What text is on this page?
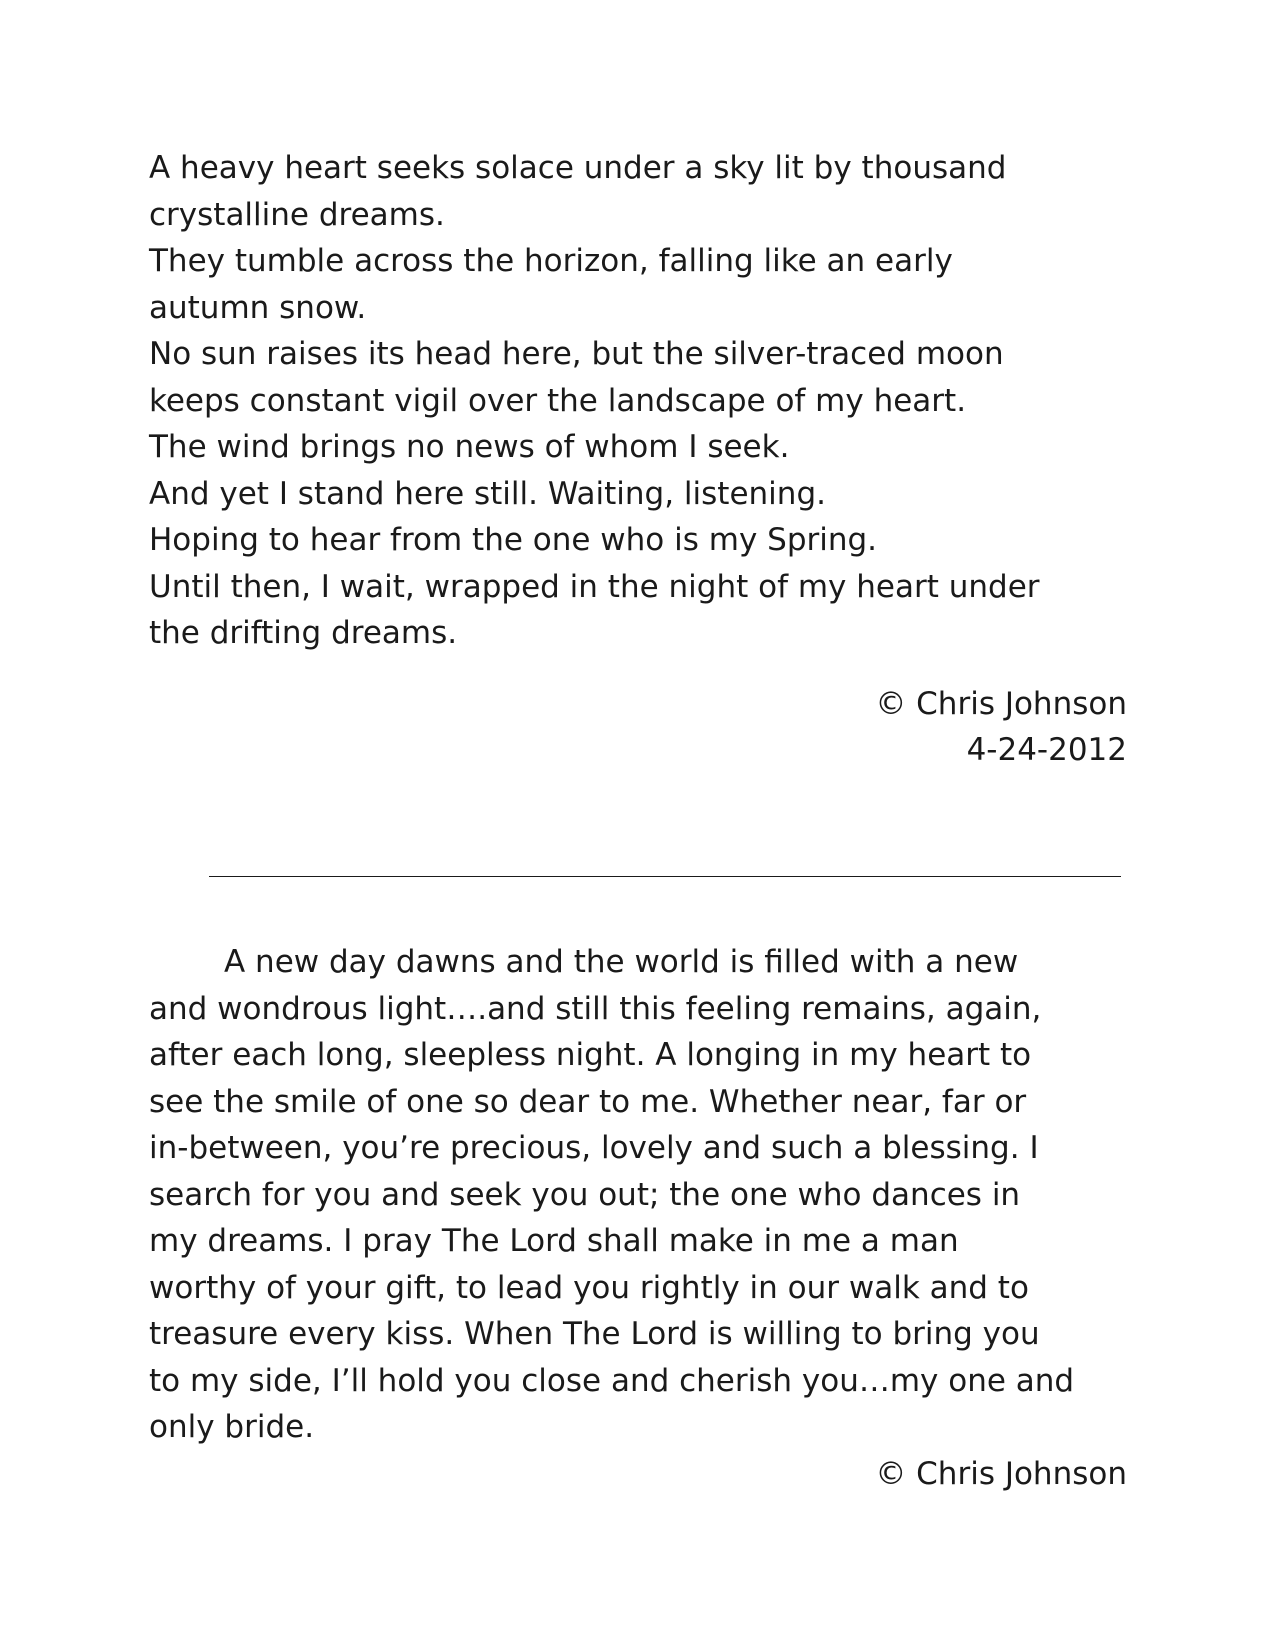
A heavy heart seeks solace under a sky lit by thousand

crystalline dreams.

They tumble across the horizon, falling like an early

autumn snow.

No sun raises its head here, but the silver-traced moon

keeps constant vigil over the landscape of my heart.

The wind brings no news of whom I seek.

And yet I stand here still. Waiting, listening.

Hoping to hear from the one who is my Spring.

Until then, I wait, wrapped in the night of my heart under

the drifting dreams.

© Chris Johnson
4-24-2012

A new day dawns and the world is filled with a new

and wondrous light….and still this feeling remains, again,

after each long, sleepless night. A longing in my heart to

see the smile of one so dear to me. Whether near, far or

in-between, you’re precious, lovely and such a blessing. I

search for you and seek you out; the one who dances in

my dreams. I pray The Lord shall make in me a man

worthy of your gift, to lead you rightly in our walk and to

treasure every kiss. When The Lord is willing to bring you

to my side, I’ll hold you close and cherish you…my one and

only bride.

© Chris Johnson
